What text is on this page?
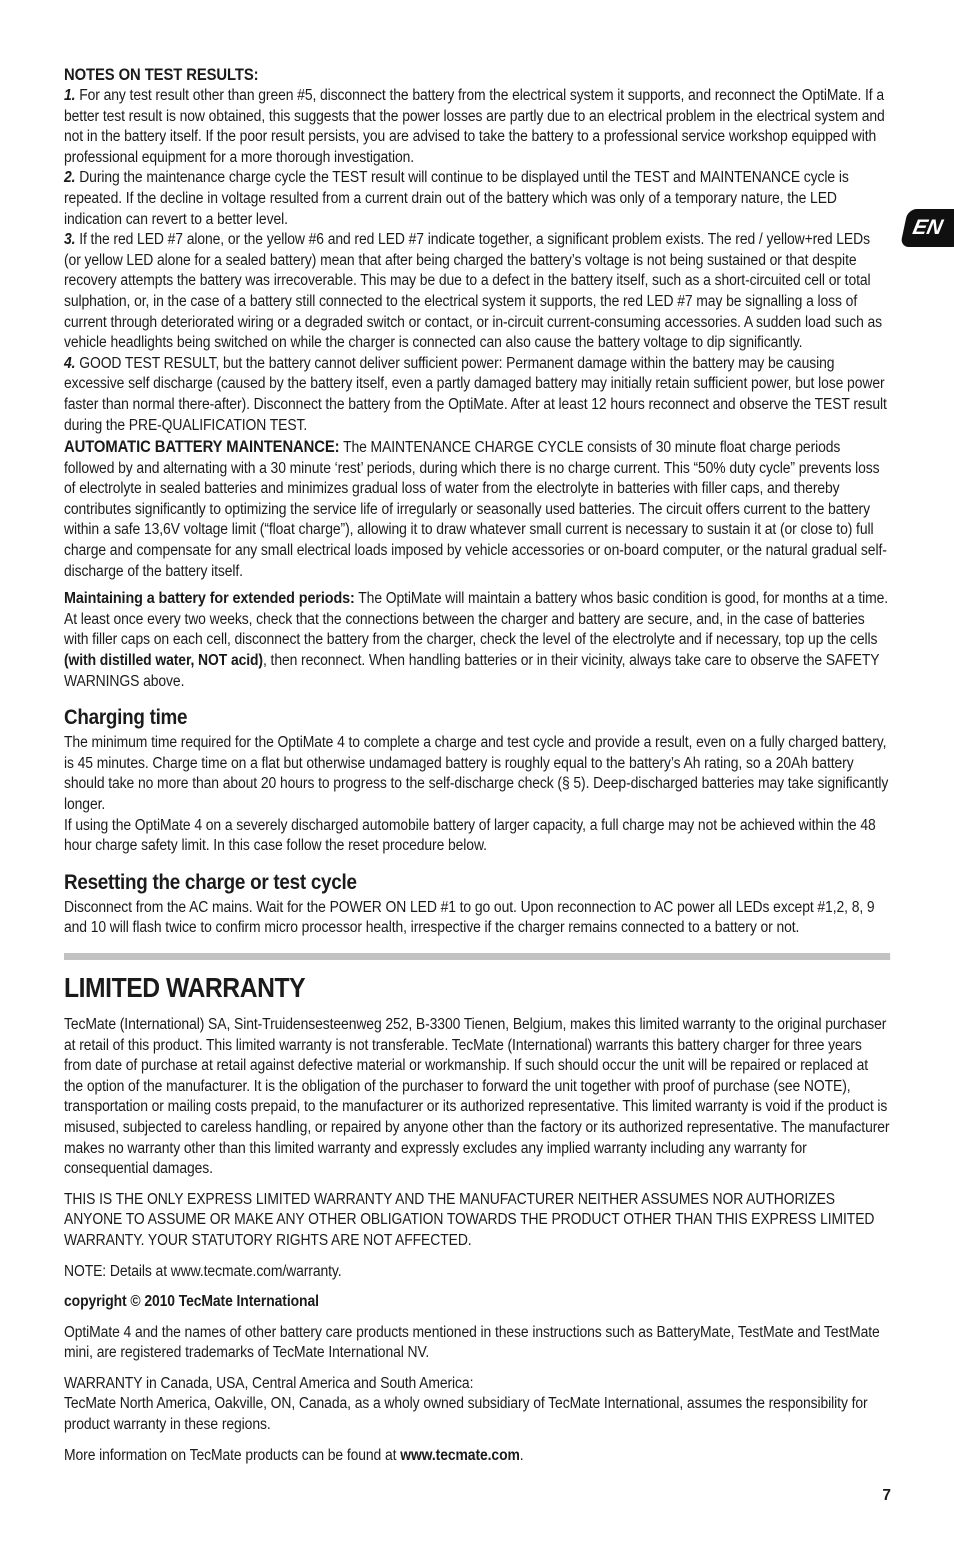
NOTES ON TEST RESULTS:

1. For any test result other than green #5, disconnect the battery from the electrical system it supports, and reconnect the OptiMate. If a better test result is now obtained, this suggests that the power losses are partly due to an electrical problem in the electrical system and not in the battery itself. If the poor result persists, you are advised to take the battery to a professional service workshop equipped with professional equipment for a more thorough investigation.

2. During the maintenance charge cycle the TEST result will continue to be displayed until the TEST and MAINTENANCE cycle is repeated. If the decline in voltage resulted from a current drain out of the battery which was only of a temporary nature, the LED indication can revert to a better level.

3. If the red LED #7 alone, or the yellow #6 and red LED #7 indicate together, a significant problem exists. The red / yellow+red LEDs (or yellow LED alone for a sealed battery) mean that after being charged the battery’s voltage is not being sustained or that despite recovery attempts the battery was irrecoverable. This may be due to a defect in the battery itself, such as a short-circuited cell or total sulphation, or, in the case of a battery still connected to the electrical system it supports, the red LED #7 may be signalling a loss of current through deteriorated wiring or a degraded switch or contact, or in-circuit current-consuming accessories. A sudden load such as vehicle headlights being switched on while the charger is connected can also cause the battery voltage to dip significantly.

4. GOOD TEST RESULT, but the battery cannot deliver sufficient power: Permanent damage within the battery may be causing excessive self discharge (caused by the battery itself, even a partly damaged battery may initially retain sufficient power, but lose power faster than normal there-after). Disconnect the battery from the OptiMate. After at least 12 hours reconnect and observe the TEST result during the PRE-QUALIFICATION TEST.

AUTOMATIC BATTERY MAINTENANCE: The MAINTENANCE CHARGE CYCLE consists of 30 minute float charge periods followed by and alternating with a 30 minute ‘rest’ periods, during which there is no charge current. This “50% duty cycle” prevents loss of electrolyte in sealed batteries and minimizes gradual loss of water from the electrolyte in batteries with filler caps, and thereby contributes significantly to optimizing the service life of irregularly or seasonally used batteries. The circuit offers current to the battery within a safe 13,6V voltage limit (“float charge”), allowing it to draw whatever small current is necessary to sustain it at (or close to) full charge and compensate for any small electrical loads imposed by vehicle accessories or on-board computer, or the natural gradual self-discharge of the battery itself.

Maintaining a battery for extended periods: The OptiMate will maintain a battery whos basic condition is good, for months at a time. At least once every two weeks, check that the connections between the charger and battery are secure, and, in the case of batteries with filler caps on each cell, disconnect the battery from the charger, check the level of the electrolyte and if necessary, top up the cells (with distilled water, NOT acid), then reconnect. When handling batteries or in their vicinity, always take care to observe the SAFETY WARNINGS above.

Charging time

The minimum time required for the OptiMate 4 to complete a charge and test cycle and provide a result, even on a fully charged battery, is 45 minutes. Charge time on a flat but otherwise undamaged battery is roughly equal to the battery’s Ah rating, so a 20Ah battery should take no more than about 20 hours to progress to the self-discharge check (§ 5). Deep-discharged batteries may take significantly longer.

If using the OptiMate 4 on a severely discharged automobile battery of larger capacity, a full charge may not be achieved within the 48 hour charge safety limit. In this case follow the reset procedure below.

Resetting the charge or test cycle

Disconnect from the AC mains. Wait for the POWER ON LED #1 to go out. Upon reconnection to AC power all LEDs except #1,2, 8, 9 and 10 will flash twice to confirm micro processor health, irrespective if the charger remains connected to a battery or not.

LIMITED WARRANTY

TecMate (International) SA, Sint-Truidensesteenweg 252, B-3300 Tienen, Belgium, makes this limited warranty to the original purchaser at retail of this product. This limited warranty is not transferable. TecMate (International) warrants this battery charger for three years from date of purchase at retail against defective material or workmanship. If such should occur the unit will be repaired or replaced at the option of the manufacturer. It is the obligation of the purchaser to forward the unit together with proof of purchase (see NOTE), transportation or mailing costs prepaid, to the manufacturer or its authorized representative. This limited warranty is void if the product is misused, subjected to careless handling, or repaired by anyone other than the factory or its authorized representative. The manufacturer makes no warranty other than this limited warranty and expressly excludes any implied warranty including any warranty for consequential damages.

THIS IS THE ONLY EXPRESS LIMITED WARRANTY AND THE MANUFACTURER NEITHER ASSUMES NOR AUTHORIZES ANYONE TO ASSUME OR MAKE ANY OTHER OBLIGATION TOWARDS THE PRODUCT OTHER THAN THIS EXPRESS LIMITED WARRANTY. YOUR STATUTORY RIGHTS ARE NOT AFFECTED.

NOTE: Details at www.tecmate.com/warranty.

copyright © 2010 TecMate International

OptiMate 4 and the names of other battery care products mentioned in these instructions such as BatteryMate, TestMate and TestMate mini, are registered trademarks of TecMate International NV.

WARRANTY in Canada, USA, Central America and South America:
TecMate North America, Oakville, ON, Canada, as a wholy owned subsidiary of TecMate International, assumes the responsibility for product warranty in these regions.

More information on TecMate products can be found at www.tecmate.com.

EN
7
